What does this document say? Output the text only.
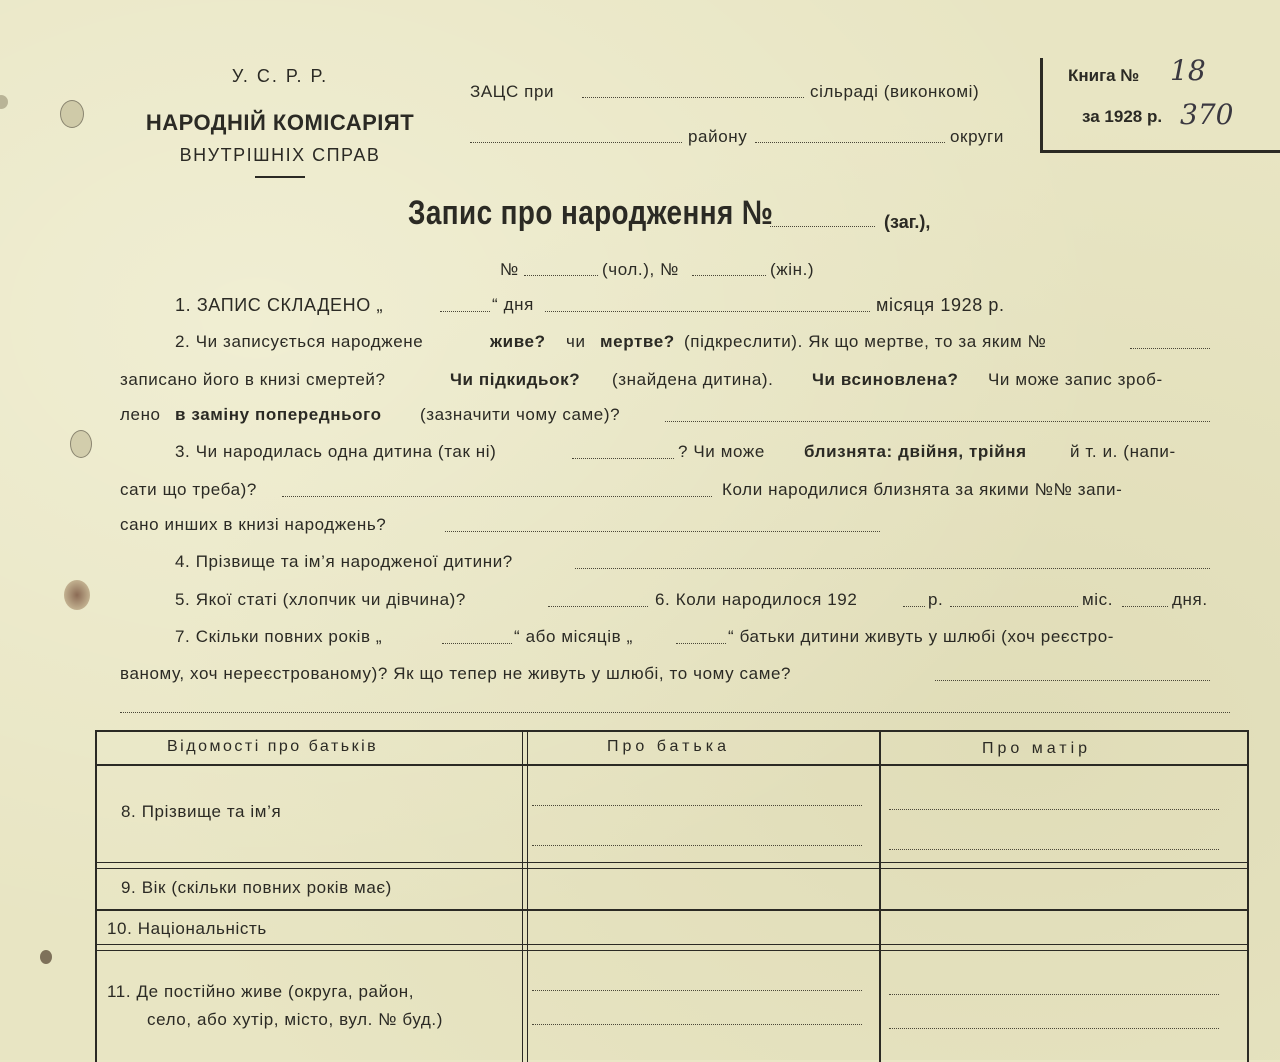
У. С. Р. Р.
НАРОДНІЙ КОМІСАРІЯТ
ВНУТРІШНІХ СПРАВ
ЗАЦС при	сільраді (виконкомі)
району	округи
Книга № 18
за 1928 р. 370
Запис про народження №	(заг.),
№	(чол.), №	(жін.)
1. ЗАПИС СКЛАДЕНО „	“ дня	місяця 1928 р.
2. Чи записується народжене	живе? чи мертве? (підкреслити). Як що мертве, то за яким №
записано його в книзі смертей?	Чи підкидьок? (знайдена дитина). Чи всиновлена? Чи може запис зроб-
лено в заміну попереднього (зазначити чому саме)?
3. Чи народилась одна дитина (так ні)	? Чи може близнята: двійня, трійня	й т. и. (напи-
сати що треба)?	Коли народилися близнята за якими №№ запи-
сано инших в книзі народжень?
4. Прізвище та ім’я народженої дитини?
5. Якої статі (хлопчик чи дівчина)?	6. Коли народилося 192	р.	міс.	дня.
7. Скільки повних років „	“ або місяців „	“ батьки дитини живуть у шлюбі (хоч реєстро-
ваному, хоч нереєстрованому)? Як що тепер не живуть у шлюбі, то чому саме?
Відомості про батьків	Про батька	Про матір
8. Прізвище та ім’я
9. Вік (скільки повних років має)
10. Національність
11. Де постійно живе (округа, район,
село, або хутір, місто, вул. № буд.)
